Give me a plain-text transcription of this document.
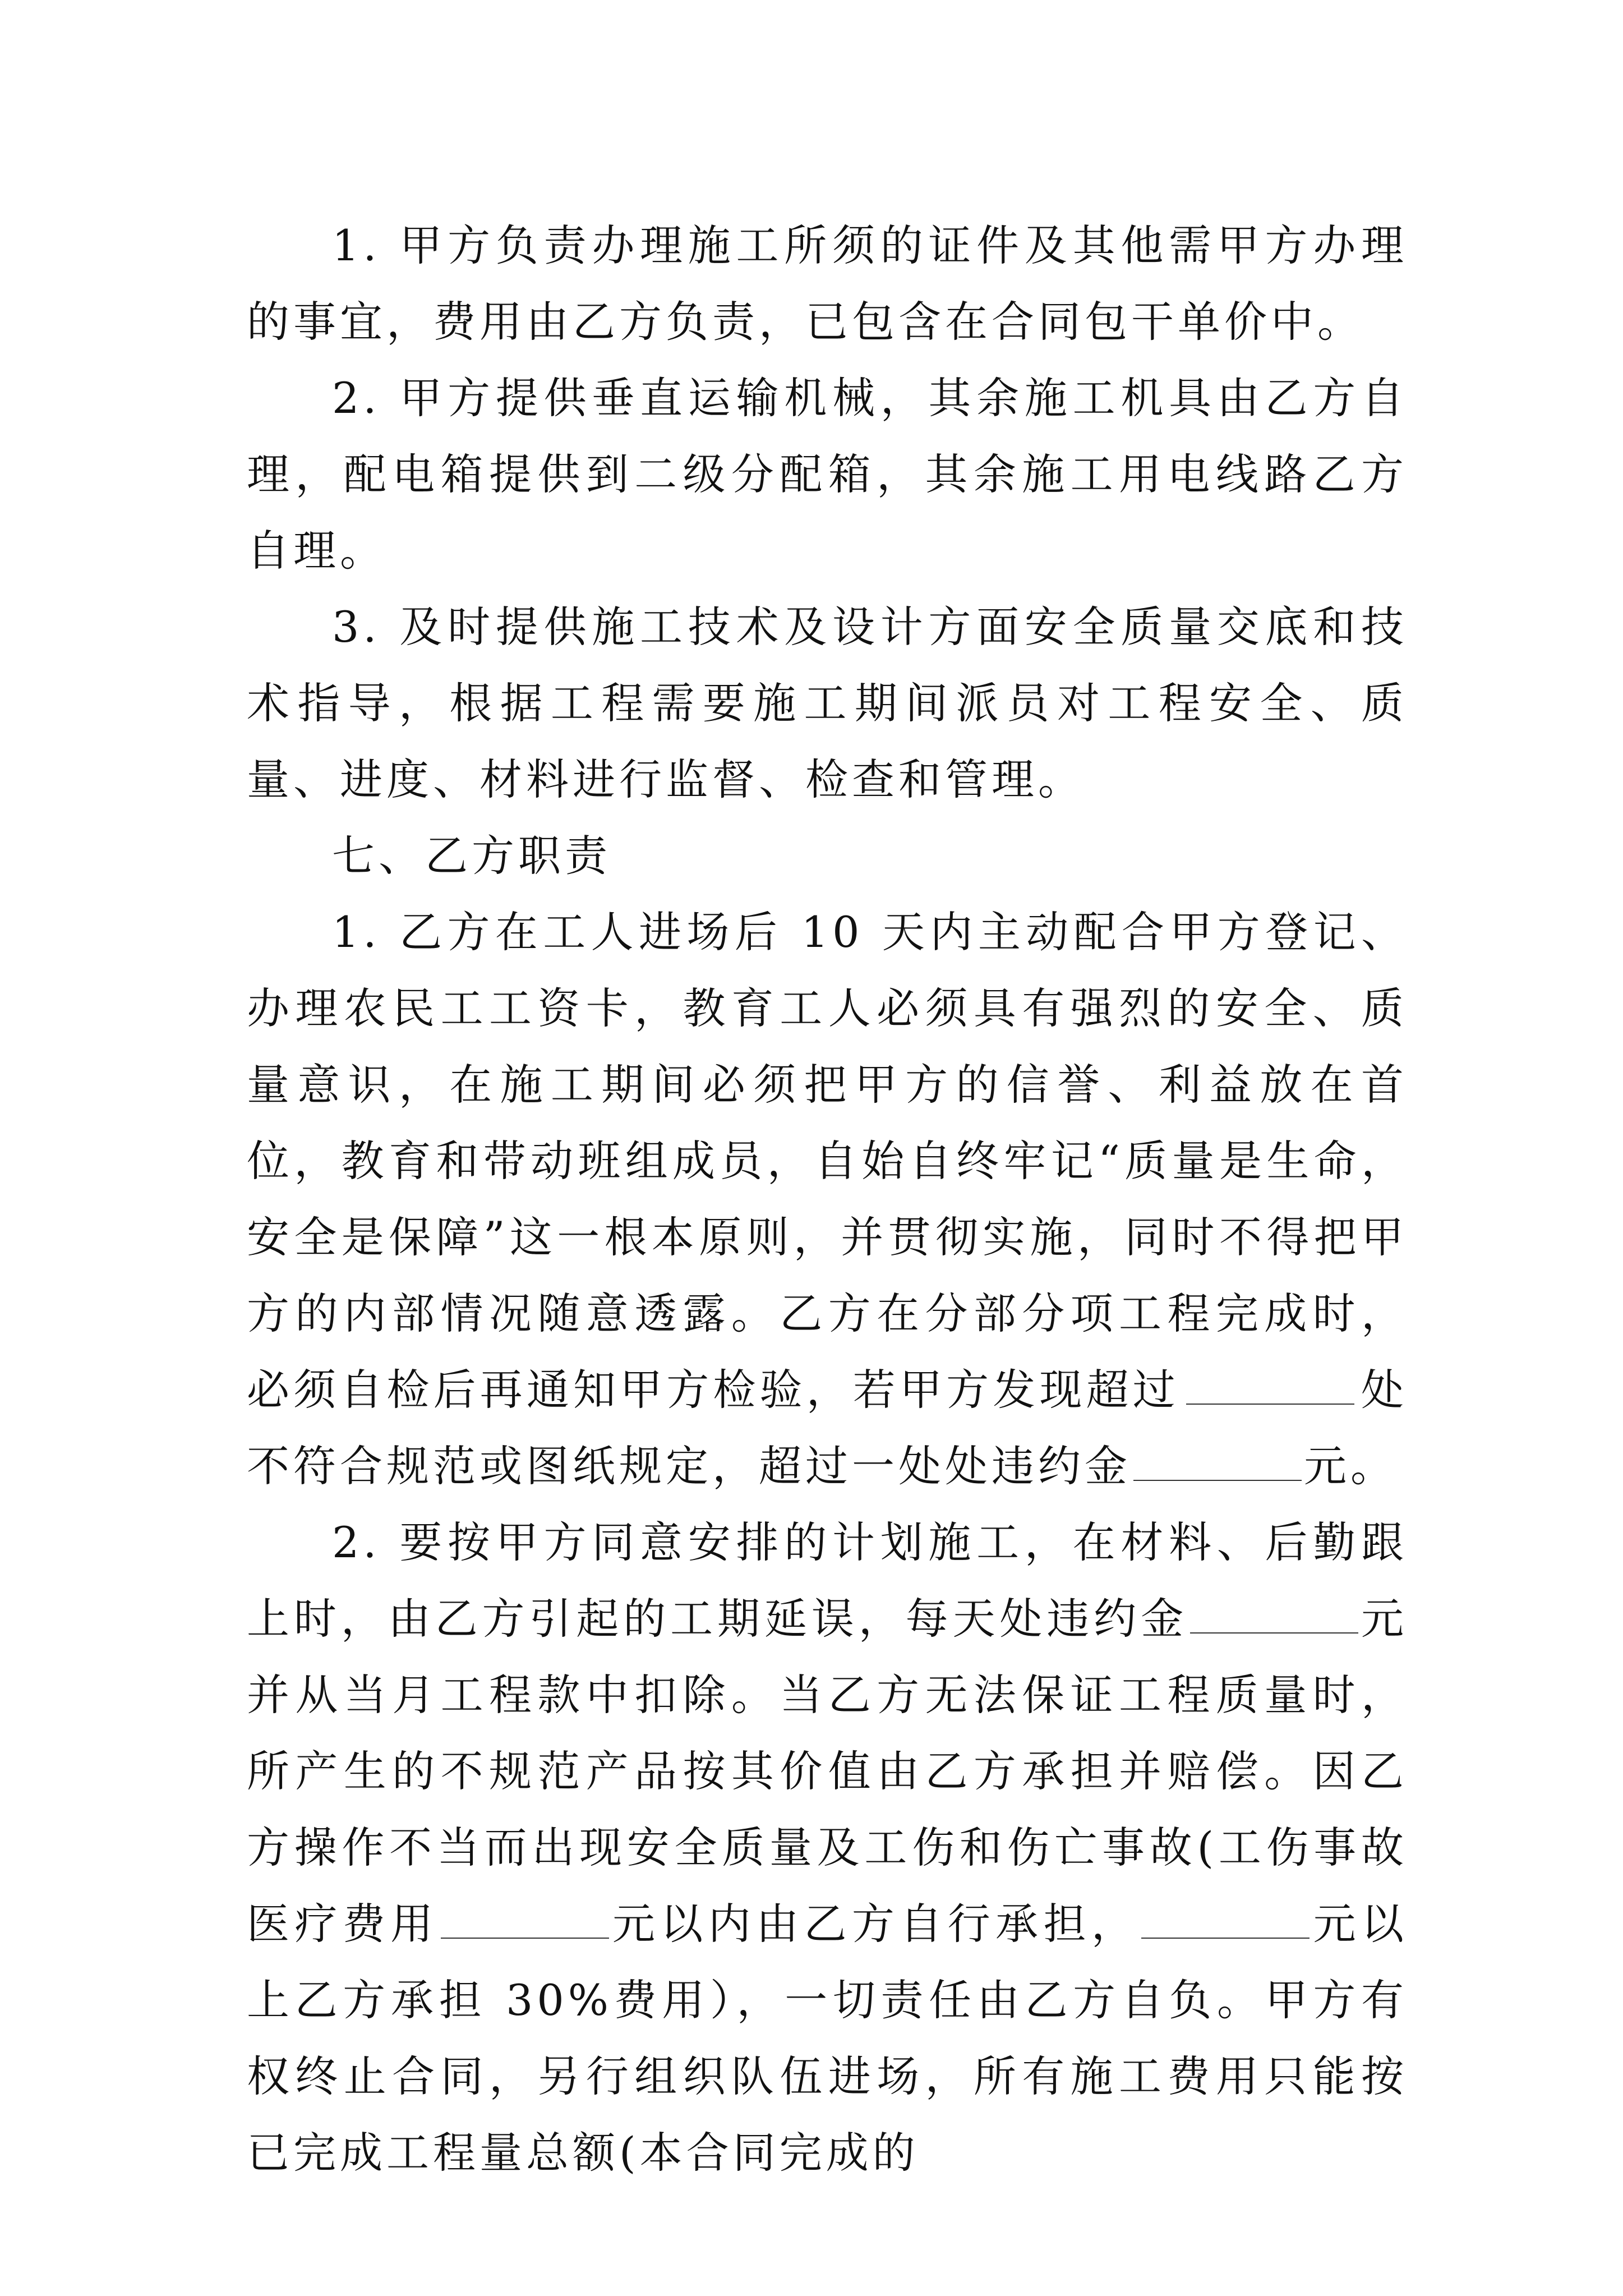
1. 甲方负责办理施工所须的证件及其他需甲方办理的事宜，费用由乙方负责，已包含在合同包干单价中。

2. 甲方提供垂直运输机械，其余施工机具由乙方自理，配电箱提供到二级分配箱，其余施工用电线路乙方自理。

3. 及时提供施工技术及设计方面安全质量交底和技术指导，根据工程需要施工期间派员对工程安全、质量、进度、材料进行监督、检查和管理。

七、乙方职责

1. 乙方在工人进场后 10 天内主动配合甲方登记、办理农民工工资卡，教育工人必须具有强烈的安全、质量意识，在施工期间必须把甲方的信誉、利益放在首位，教育和带动班组成员，自始自终牢记“质量是生命，安全是保障”这一根本原则，并贯彻实施，同时不得把甲方的内部情况随意透露。乙方在分部分项工程完成时，必须自检后再通知甲方检验，若甲方发现超过	处不符合规范或图纸规定，超过一处处违约金	元。

2. 要按甲方同意安排的计划施工，在材料、后勤跟上时，由乙方引起的工期延误，每天处违约金	元并从当月工程款中扣除。当乙方无法保证工程质量时，所产生的不规范产品按其价值由乙方承担并赔偿。因乙方操作不当而出现安全质量及工伤和伤亡事故(工伤事故医疗费用	元以内由乙方自行承担，	元以上乙方承担 30%费用），一切责任由乙方自负。甲方有权终止合同，另行组织队伍进场，所有施工费用只能按已完成工程量总额(本合同完成的
